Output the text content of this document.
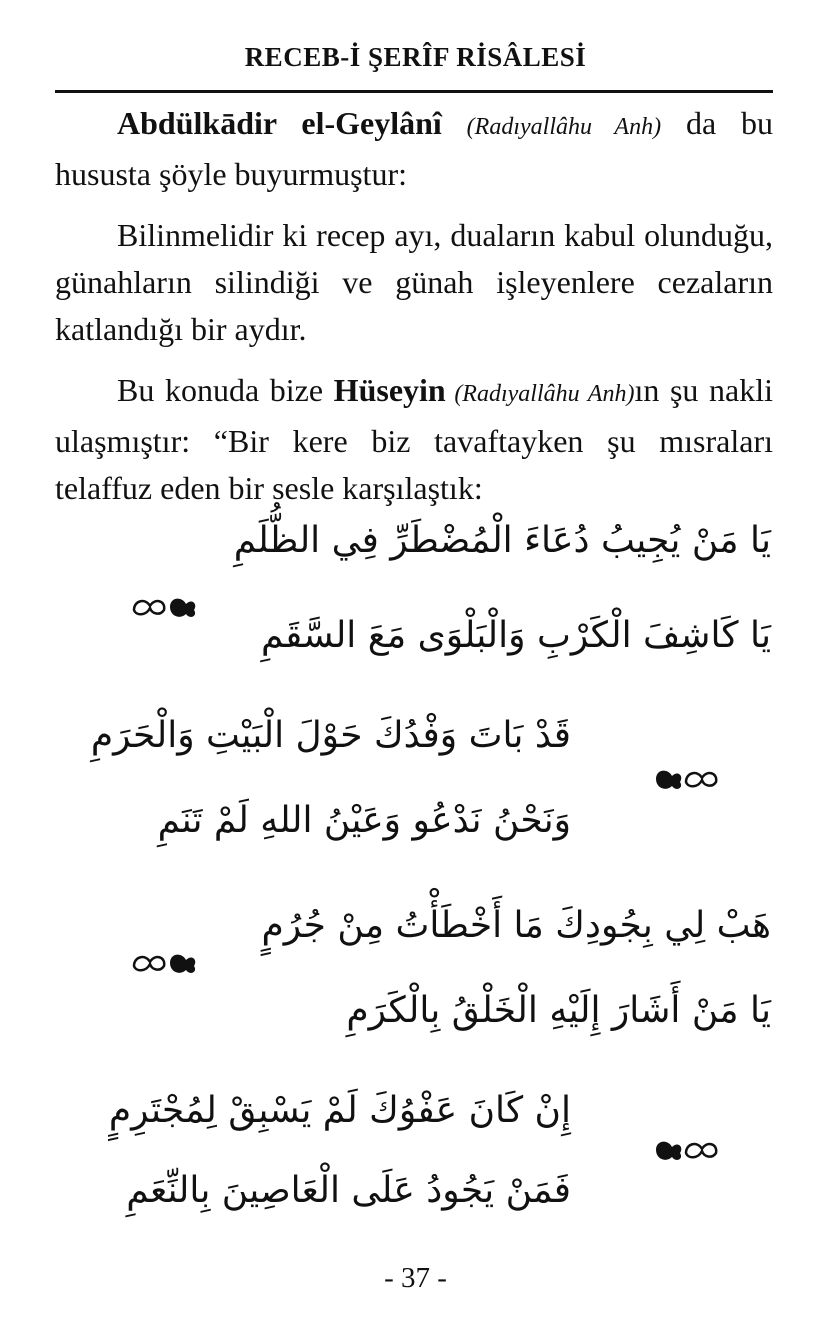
RECEB-İ ŞERÎF RİSÂLESİ

Abdülkādir el-Geylânî (Radıyallâhu Anh) da bu hususta şöyle buyurmuştur:

Bilinmelidir ki recep ayı, duaların kabul olunduğu, günahların silindiği ve günah işleyenlere cezaların katlandığı bir aydır.

Bu konuda bize Hüseyin (Radıyallâhu Anh)ın şu nakli ulaşmıştır: “Bir kere biz tavaftayken şu mısraları telaffuz eden bir sesle karşılaştık:

يَا مَنْ يُجِيبُ دُعَاءَ الْمُضْطَرِّ فِي الظُّلَمِ
يَا كَاشِفَ الْكَرْبِ وَالْبَلْوَى مَعَ السَّقَمِ
قَدْ بَاتَ وَفْدُكَ حَوْلَ الْبَيْتِ وَالْحَرَمِ
وَنَحْنُ نَدْعُو وَعَيْنُ اللهِ لَمْ تَنَمِ
هَبْ لِي بِجُودِكَ مَا أَخْطَأْتُ مِنْ جُرُمٍ
يَا مَنْ أَشَارَ إِلَيْهِ الْخَلْقُ بِالْكَرَمِ
إِنْ كَانَ عَفْوُكَ لَمْ يَسْبِقْ لِمُجْتَرِمٍ
فَمَنْ يَجُودُ عَلَى الْعَاصِينَ بِالنِّعَمِ
- 37 -
